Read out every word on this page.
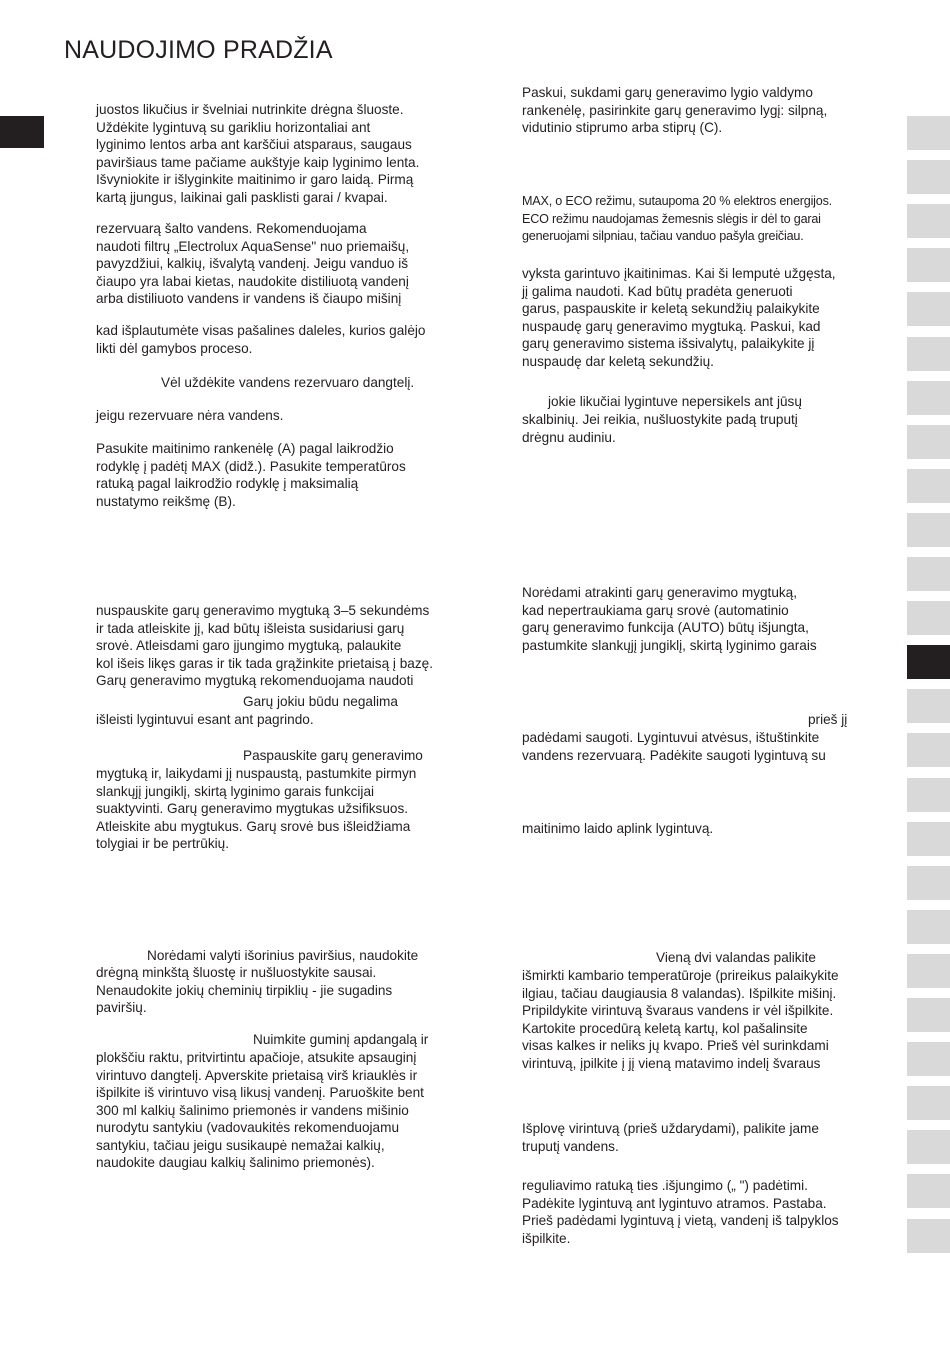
NAUDOJIMO PRADŽIA

juostos likučius ir švelniai nutrinkite drėgna šluoste.
Uždėkite lygintuvą su garikliu horizontaliai ant
lyginimo lentos arba ant karščiui atsparaus, saugaus
paviršiaus tame pačiame aukštyje kaip lyginimo lenta.
Išvyniokite ir išlyginkite maitinimo ir garo laidą. Pirmą
kartą įjungus, laikinai gali pasklisti garai / kvapai.

rezervuarą šalto vandens. Rekomenduojama
naudoti filtrų „Electrolux AquaSense" nuo priemaišų,
pavyzdžiui, kalkių, išvalytą vandenį. Jeigu vanduo iš
čiaupo yra labai kietas, naudokite distiliuotą vandenį
arba distiliuoto vandens ir vandens iš čiaupo mišinį

kad išplautumėte visas pašalines daleles, kurios galėjo
likti dėl gamybos proceso.

Vėl uždėkite vandens rezervuaro dangtelį.

jeigu rezervuare nėra vandens.

Pasukite maitinimo rankenėlę (A) pagal laikrodžio
rodyklę į padėtį MAX (didž.). Pasukite temperatūros
ratuką pagal laikrodžio rodyklę į maksimalią
nustatymo reikšmę (B).

nuspauskite garų generavimo mygtuką 3–5 sekundėms
ir tada atleiskite jį, kad būtų išleista susidariusi garų
srovė. Atleisdami garo įjungimo mygtuką, palaukite
kol išeis likęs garas ir tik tada grąžinkite prietaisą į bazę.
Garų generavimo mygtuką rekomenduojama naudoti

Garų jokiu būdu negalima

išleisti lygintuvui esant ant pagrindo.

Paspauskite garų generavimo

mygtuką ir, laikydami jį nuspaustą, pastumkite pirmyn
slankųjį jungiklį, skirtą lyginimo garais funkcijai
suaktyvinti. Garų generavimo mygtukas užsifiksuos.
Atleiskite abu mygtukus. Garų srovė bus išleidžiama
tolygiai ir be pertrūkių.

Norėdami valyti išorinius paviršius, naudokite

drėgną minkštą šluostę ir nušluostykite sausai.
Nenaudokite jokių cheminių tirpiklių - jie sugadins
paviršių.

Nuimkite guminį apdangalą ir

plokščiu raktu, pritvirtintu apačioje, atsukite apsauginį
virintuvo dangtelį. Apverskite prietaisą virš kriauklės ir
išpilkite iš virintuvo visą likusį vandenį. Paruoškite bent
300 ml kalkių šalinimo priemonės ir vandens mišinio
nurodytu santykiu (vadovaukitės rekomenduojamu
santykiu, tačiau jeigu susikaupė nemažai kalkių,
naudokite daugiau kalkių šalinimo priemonės).

Paskui, sukdami garų generavimo lygio valdymo
rankenėlę, pasirinkite garų generavimo lygį: silpną,
vidutinio stiprumo arba stiprų (C).

MAX, o ECO režimu, sutaupoma 20 % elektros energijos.
ECO režimu naudojamas žemesnis slėgis ir dėl to garai
generuojami silpniau, tačiau vanduo pašyla greičiau.

vyksta garintuvo įkaitinimas. Kai ši lemputė užgęsta,
jį galima naudoti. Kad būtų pradėta generuoti
garus, paspauskite ir keletą sekundžių palaikykite
nuspaudę garų generavimo mygtuką. Paskui, kad
garų generavimo sistema išsivalytų, palaikykite jį
nuspaudę dar keletą sekundžių.

jokie likučiai lygintuve nepersikels ant jūsų

skalbinių. Jei reikia, nušluostykite padą truputį
drėgnu audiniu.

Norėdami atrakinti garų generavimo mygtuką,
kad nepertraukiama garų srovė (automatinio
garų generavimo funkcija (AUTO) būtų išjungta,
pastumkite slankųjį jungiklį, skirtą lyginimo garais

prieš jį

padėdami saugoti. Lygintuvui atvėsus, ištuštinkite
vandens rezervuarą. Padėkite saugoti lygintuvą su

maitinimo laido aplink lygintuvą.

Vieną dvi valandas palikite

išmirkti kambario temperatūroje (prireikus palaikykite
ilgiau, tačiau daugiausia 8 valandas). Išpilkite mišinį.
Pripildykite virintuvą švaraus vandens ir vėl išpilkite.
Kartokite procedūrą keletą kartų, kol pašalinsite
visas kalkes ir neliks jų kvapo. Prieš vėl surinkdami
virintuvą, įpilkite į jį vieną matavimo indelį švaraus

Išplovę virintuvą (prieš uždarydami), palikite jame
truputį vandens.

reguliavimo ratuką ties .išjungimo („ ") padėtimi.
Padėkite lygintuvą ant lygintuvo atramos. Pastaba.
Prieš padėdami lygintuvą į vietą, vandenį iš talpyklos
išpilkite.
